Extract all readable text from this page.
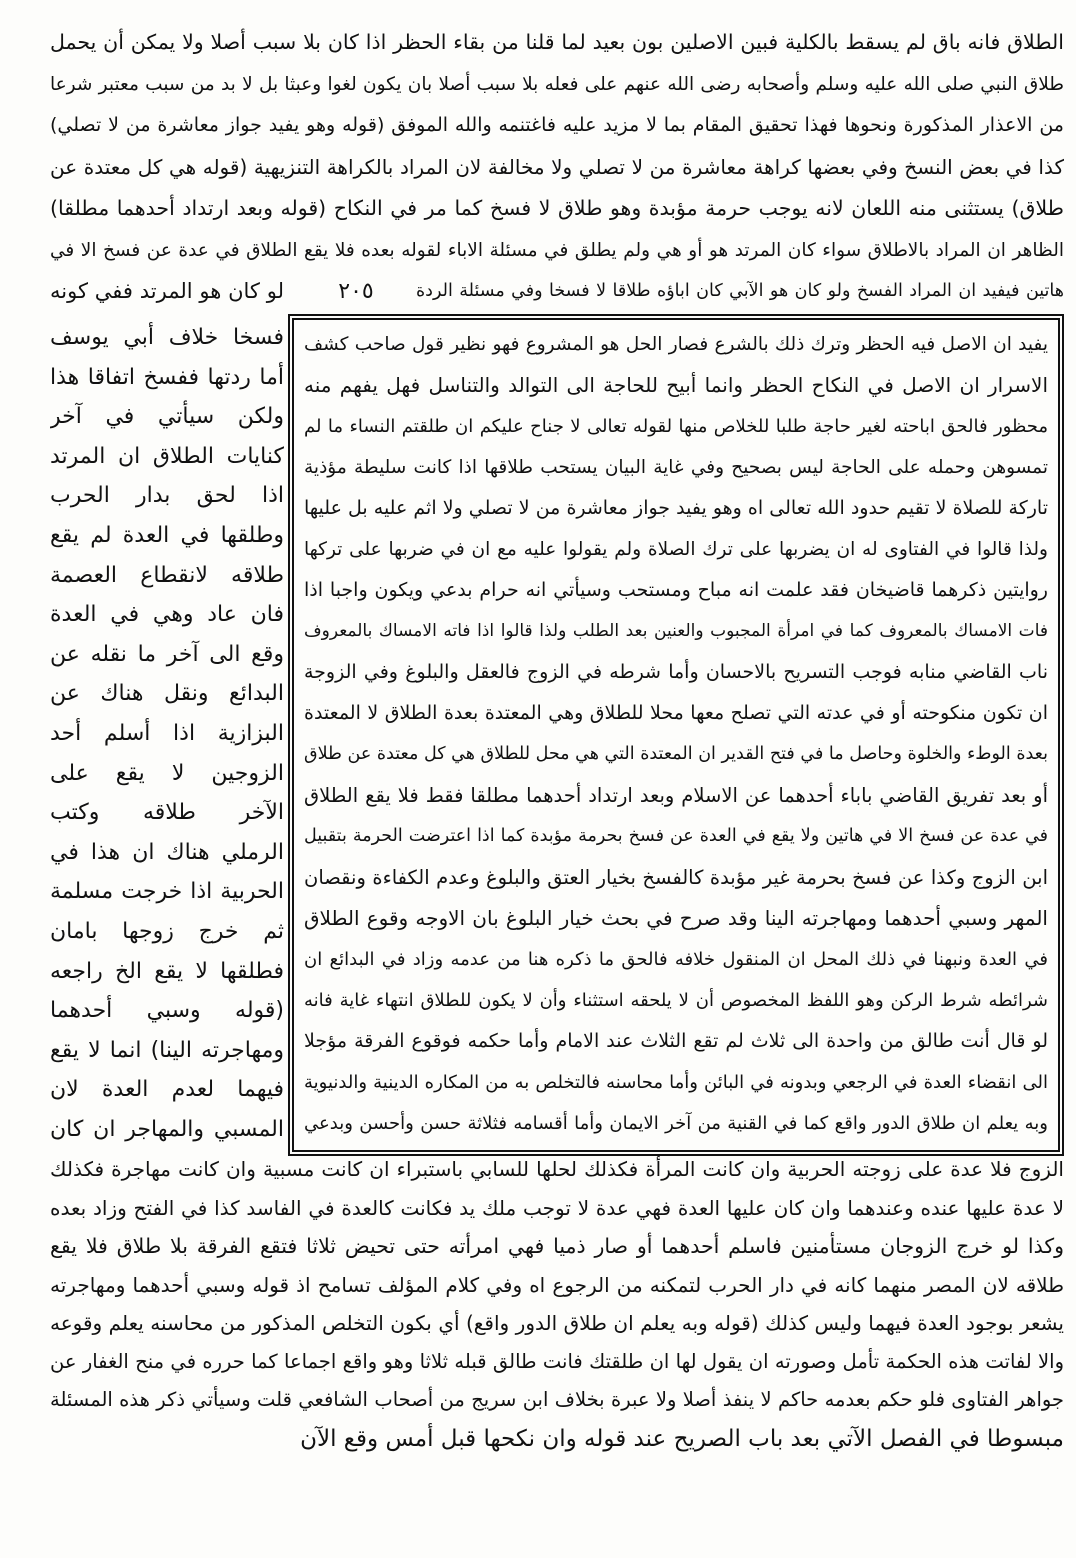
الطلاق فانه باق لم يسقط بالكلية فبين الاصلين بون بعيد لما قلنا من بقاء الحظر اذا كان بلا سبب أصلا ولا يمكن أن يحمل
طلاق النبي صلى الله عليه وسلم وأصحابه رضى الله عنهم على فعله بلا سبب أصلا بان يكون لغوا وعبثا بل لا بد من سبب معتبر شرعا
من الاعذار المذكورة ونحوها فهذا تحقيق المقام بما لا مزيد عليه فاغتنمه والله الموفق (قوله وهو يفيد جواز معاشرة من لا تصلي)
كذا في بعض النسخ وفي بعضها كراهة معاشرة من لا تصلي ولا مخالفة لان المراد بالكراهة التنزيهية (قوله هي كل معتدة عن
طلاق) يستثنى منه اللعان لانه يوجب حرمة مؤبدة وهو طلاق لا فسخ كما مر في النكاح (قوله وبعد ارتداد أحدهما مطلقا)
الظاهر ان المراد بالاطلاق سواء كان المرتد هو أو هي ولم يطلق في مسئلة الاباء لقوله بعده فلا يقع الطلاق في عدة عن فسخ الا في
هاتين فيفيد ان المراد الفسخ ولو كان هو الآبي كان اباؤه طلاقا لا فسخا وفي مسئلة الردة
٢٠٥
لو كان هو المرتد ففي كونه
يفيد ان الاصل فيه الحظر وترك ذلك بالشرع فصار الحل هو المشروع فهو نظير قول صاحب كشف
الاسرار ان الاصل في النكاح الحظر وانما أبيح للحاجة الى التوالد والتناسل فهل يفهم منه
محظور فالحق اباحته لغير حاجة طلبا للخلاص منها لقوله تعالى لا جناح عليكم ان طلقتم النساء ما لم
تمسوهن وحمله على الحاجة ليس بصحيح وفي غاية البيان يستحب طلاقها اذا كانت سليطة مؤذية
تاركة للصلاة لا تقيم حدود الله تعالى اه وهو يفيد جواز معاشرة من لا تصلي ولا اثم عليه بل عليها
ولذا قالوا في الفتاوى له ان يضربها على ترك الصلاة ولم يقولوا عليه مع ان في ضربها على تركها
روايتين ذكرهما قاضيخان فقد علمت انه مباح ومستحب وسيأتي انه حرام بدعي ويكون واجبا اذا
فات الامساك بالمعروف كما في امرأة المجبوب والعنين بعد الطلب ولذا قالوا اذا فاته الامساك بالمعروف
ناب القاضي منابه فوجب التسريح بالاحسان وأما شرطه في الزوج فالعقل والبلوغ وفي الزوجة
ان تكون منكوحته أو في عدته التي تصلح معها محلا للطلاق وهي المعتدة بعدة الطلاق لا المعتدة
بعدة الوطء والخلوة وحاصل ما في فتح القدير ان المعتدة التي هي محل للطلاق هي كل معتدة عن طلاق
أو بعد تفريق القاضي باباء أحدهما عن الاسلام وبعد ارتداد أحدهما مطلقا فقط فلا يقع الطلاق
في عدة عن فسخ الا في هاتين ولا يقع في العدة عن فسخ بحرمة مؤبدة كما اذا اعترضت الحرمة بتقبيل
ابن الزوج وكذا عن فسخ بحرمة غير مؤبدة كالفسخ بخيار العتق والبلوغ وعدم الكفاءة ونقصان
المهر وسبي أحدهما ومهاجرته الينا وقد صرح في بحث خيار البلوغ بان الاوجه وقوع الطلاق
في العدة ونبهنا في ذلك المحل ان المنقول خلافه فالحق ما ذكره هنا من عدمه وزاد في البدائع ان
شرائطه شرط الركن وهو اللفظ المخصوص أن لا يلحقه استثناء وأن لا يكون للطلاق انتهاء غاية فانه
لو قال أنت طالق من واحدة الى ثلاث لم تقع الثلاث عند الامام وأما حكمه فوقوع الفرقة مؤجلا
الى انقضاء العدة في الرجعي وبدونه في البائن وأما محاسنه فالتخلص به من المكاره الدينية والدنيوية
وبه يعلم ان طلاق الدور واقع كما في القنية من آخر الايمان وأما أقسامه فثلاثة حسن وأحسن وبدعي
فسخا خلاف أبي يوسف
أما ردتها ففسخ اتفاقا هذا
ولكن سيأتي في آخر
كنايات الطلاق ان المرتد
اذا لحق بدار الحرب
وطلقها في العدة لم يقع
طلاقه لانقطاع العصمة
فان عاد وهي في العدة
وقع الى آخر ما نقله عن
البدائع ونقل هناك عن
البزازية اذا أسلم أحد
الزوجين لا يقع على
الآخر طلاقه وكتب
الرملي هناك ان هذا في
الحربية اذا خرجت مسلمة
ثم خرج زوجها بامان
فطلقها لا يقع الخ راجعه
(قوله وسبي أحدهما
ومهاجرته الينا) انما لا يقع
فيهما لعدم العدة لان
المسبي والمهاجر ان كان
الزوج فلا عدة على زوجته الحربية وان كانت المرأة فكذلك لحلها للسابي باستبراء ان كانت مسبية وان كانت مهاجرة فكذلك
لا عدة عليها عنده وعندهما وان كان عليها العدة فهي عدة لا توجب ملك يد فكانت كالعدة في الفاسد كذا في الفتح وزاد بعده
وكذا لو خرج الزوجان مستأمنين فاسلم أحدهما أو صار ذميا فهي امرأته حتى تحيض ثلاثا فتقع الفرقة بلا طلاق فلا يقع
طلاقه لان المصر منهما كانه في دار الحرب لتمكنه من الرجوع اه وفي كلام المؤلف تسامح اذ قوله وسبي أحدهما ومهاجرته
يشعر بوجود العدة فيهما وليس كذلك (قوله وبه يعلم ان طلاق الدور واقع) أي بكون التخلص المذكور من محاسنه يعلم وقوعه
والا لفاتت هذه الحكمة تأمل وصورته ان يقول لها ان طلقتك فانت طالق قبله ثلاثا وهو واقع اجماعا كما حرره في منح الغفار عن
جواهر الفتاوى فلو حكم بعدمه حاكم لا ينفذ أصلا ولا عبرة بخلاف ابن سريج من أصحاب الشافعي قلت وسيأتي ذكر هذه المسئلة
مبسوطا في الفصل الآتي بعد باب الصريح عند قوله وان نكحها قبل أمس وقع الآن
